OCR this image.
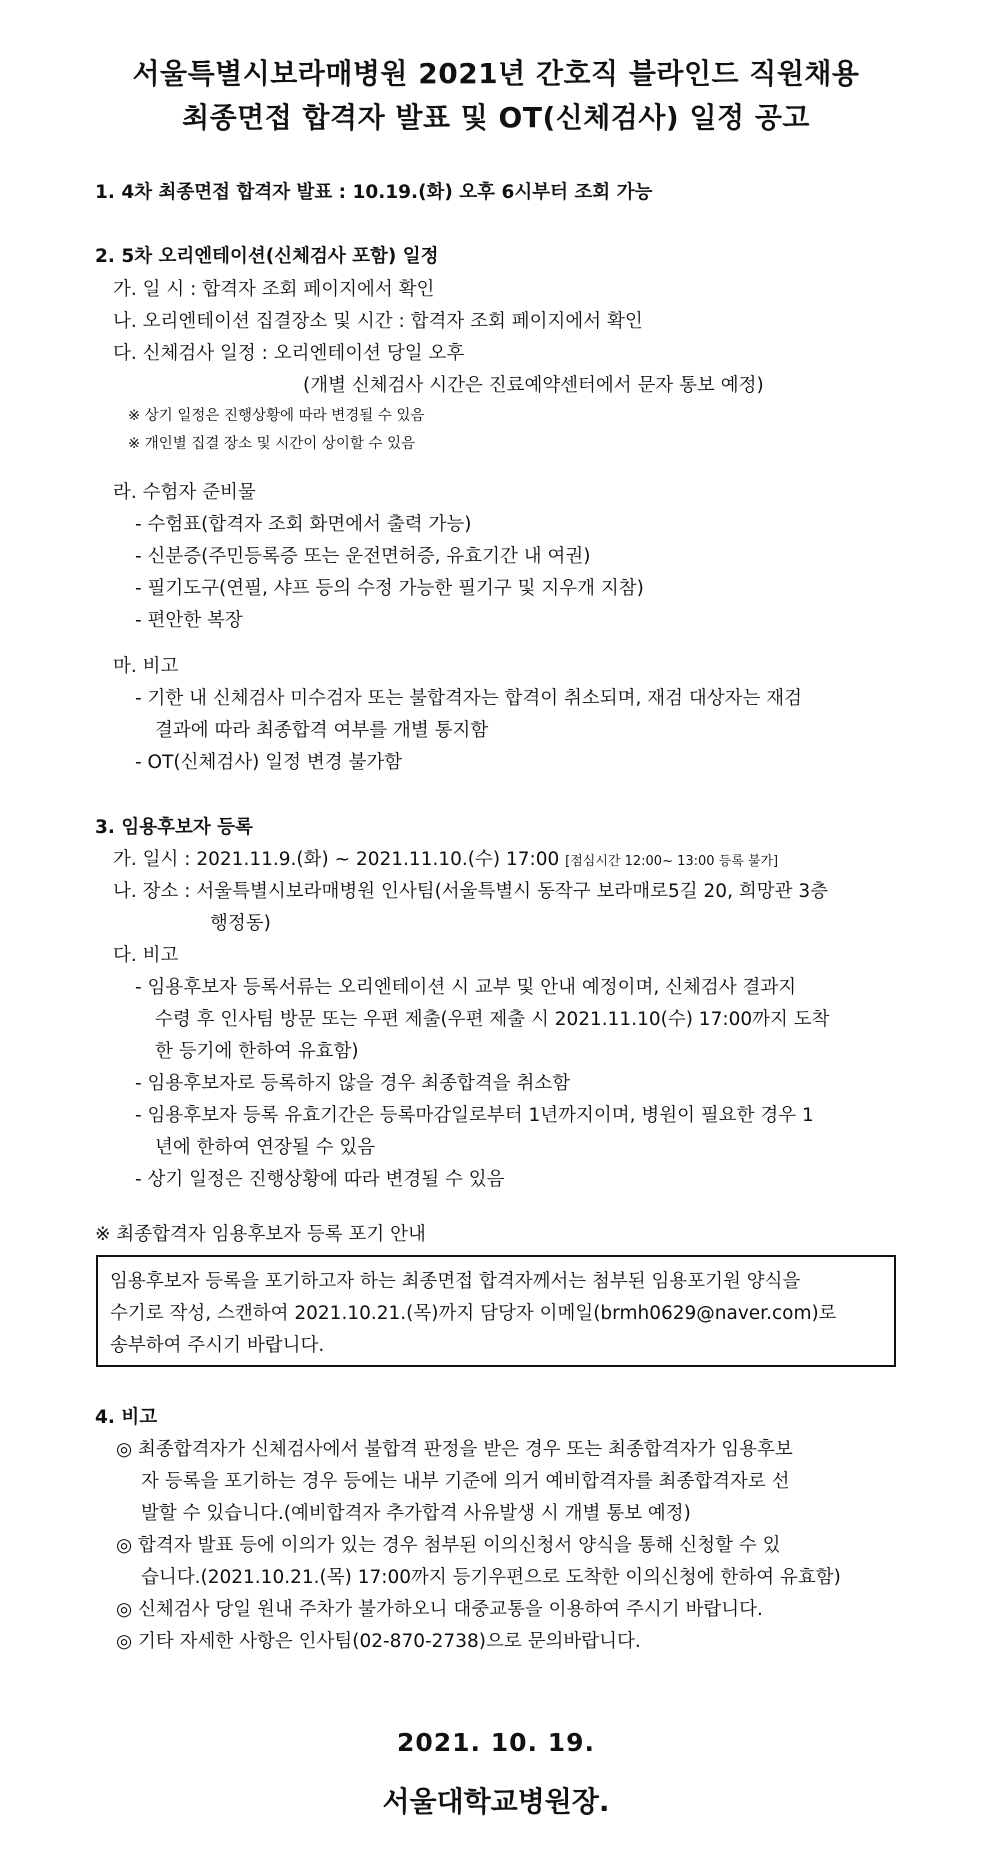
서울특별시보라매병원 2021년 간호직 블라인드 직원채용
최종면접 합격자 발표 및 OT(신체검사) 일정 공고
1. 4차 최종면접 합격자 발표 : 10.19.(화) 오후 6시부터 조회 가능
2. 5차 오리엔테이션(신체검사 포함) 일정
가. 일 시 : 합격자 조회 페이지에서 확인
나. 오리엔테이션 집결장소 및 시간 : 합격자 조회 페이지에서 확인
다. 신체검사 일정 : 오리엔테이션 당일 오후
(개별 신체검사 시간은 진료예약센터에서 문자 통보 예정)
※ 상기 일정은 진행상황에 따라 변경될 수 있음
※ 개인별 집결 장소 및 시간이 상이할 수 있음
라. 수험자 준비물
- 수험표(합격자 조회 화면에서 출력 가능)
- 신분증(주민등록증 또는 운전면허증, 유효기간 내 여권)
- 필기도구(연필, 샤프 등의 수정 가능한 필기구 및 지우개 지참)
- 편안한 복장
마. 비고
- 기한 내 신체검사 미수검자 또는 불합격자는 합격이 취소되며, 재검 대상자는 재검
결과에 따라 최종합격 여부를 개별 통지함
- OT(신체검사) 일정 변경 불가함
3. 임용후보자 등록
가. 일시 : 2021.11.9.(화) ~ 2021.11.10.(수) 17:00 [점심시간 12:00~ 13:00 등록 불가]
나. 장소 : 서울특별시보라매병원 인사팀(서울특별시 동작구 보라매로5길 20, 희망관 3층
행정동)
다. 비고
- 임용후보자 등록서류는 오리엔테이션 시 교부 및 안내 예정이며, 신체검사 결과지
수령 후 인사팀 방문 또는 우편 제출(우편 제출 시 2021.11.10(수) 17:00까지 도착
한 등기에 한하여 유효함)
- 임용후보자로 등록하지 않을 경우 최종합격을 취소함
- 임용후보자 등록 유효기간은 등록마감일로부터 1년까지이며, 병원이 필요한 경우 1
년에 한하여 연장될 수 있음
- 상기 일정은 진행상황에 따라 변경될 수 있음
※ 최종합격자 임용후보자 등록 포기 안내
임용후보자 등록을 포기하고자 하는 최종면접 합격자께서는 첨부된 임용포기원 양식을
수기로 작성, 스캔하여 2021.10.21.(목)까지 담당자 이메일(brmh0629@naver.com)로
송부하여 주시기 바랍니다.
4. 비고
◎ 최종합격자가 신체검사에서 불합격 판정을 받은 경우 또는 최종합격자가 임용후보
자 등록을 포기하는 경우 등에는 내부 기준에 의거 예비합격자를 최종합격자로 선
발할 수 있습니다.(예비합격자 추가합격 사유발생 시 개별 통보 예정)
◎ 합격자 발표 등에 이의가 있는 경우 첨부된 이의신청서 양식을 통해 신청할 수 있
습니다.(2021.10.21.(목) 17:00까지 등기우편으로 도착한 이의신청에 한하여 유효함)
◎ 신체검사 당일 원내 주차가 불가하오니 대중교통을 이용하여 주시기 바랍니다.
◎ 기타 자세한 사항은 인사팀(02-870-2738)으로 문의바랍니다.
2021. 10. 19.
서울대학교병원장.
